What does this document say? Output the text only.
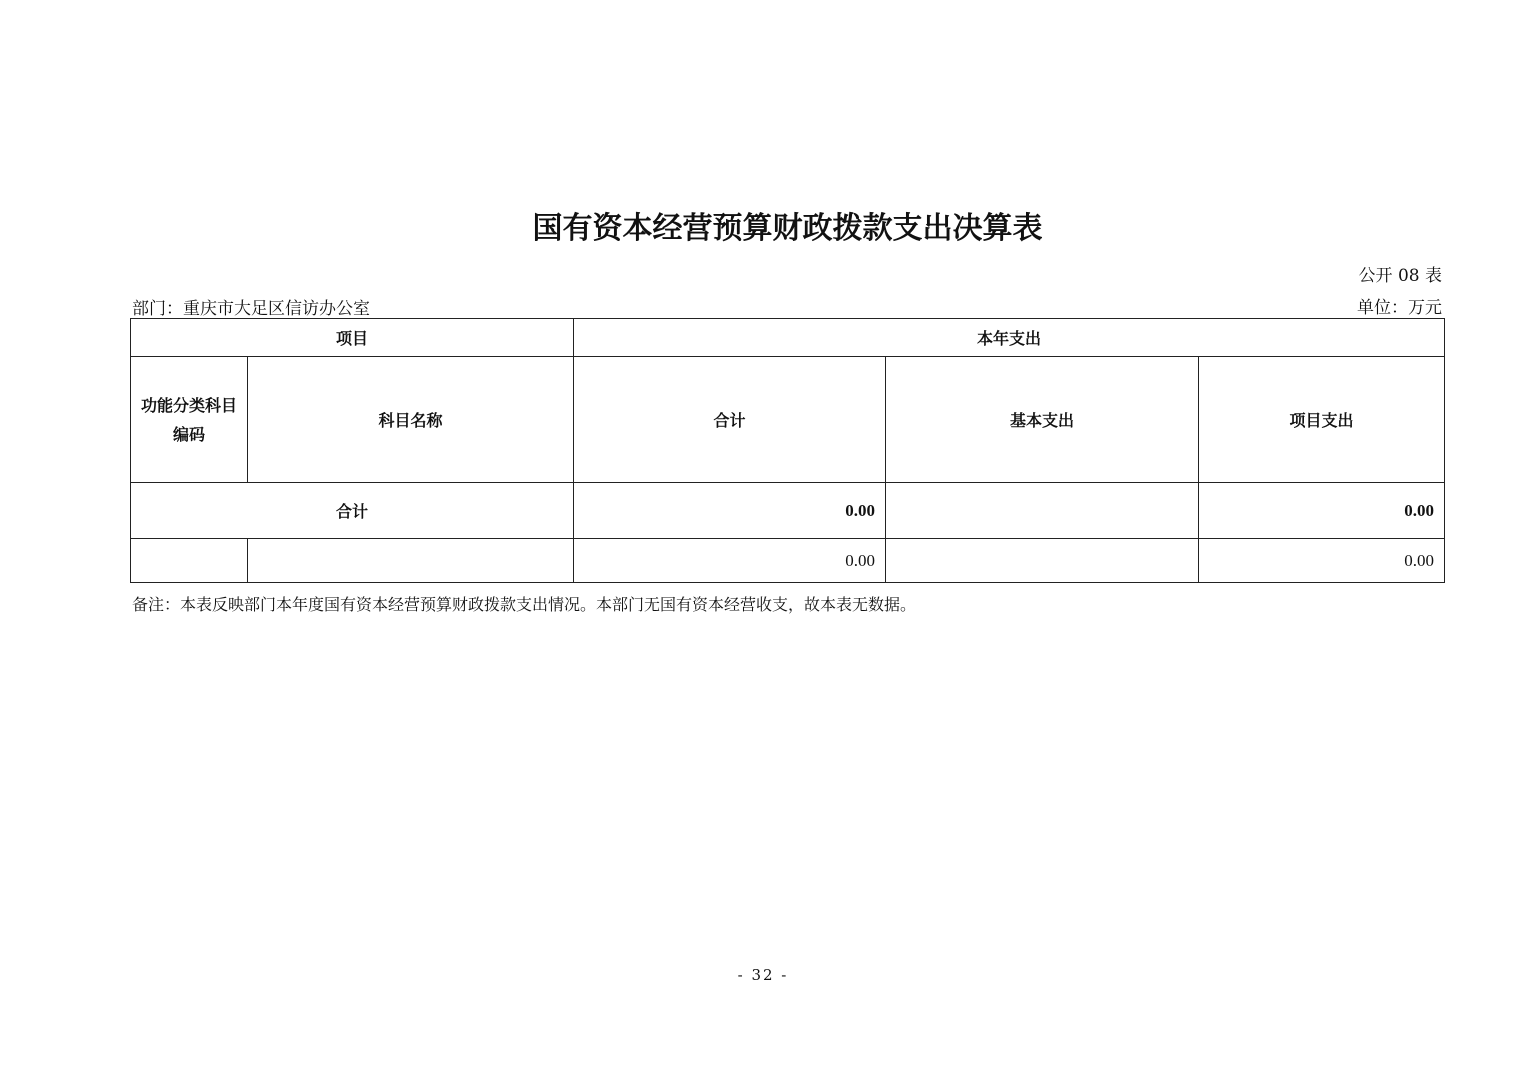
国有资本经营预算财政拨款支出决算表
公开 08 表
部门：重庆市大足区信访办公室	单位：万元
项目		本年支出		
功能分类科目编码	科目名称	合计	基本支出	项目支出
合计		0.00		0.00
		0.00		0.00
备注：本表反映部门本年度国有资本经营预算财政拨款支出情况。本部门无国有资本经营收支，故本表无数据。
- 32 -
